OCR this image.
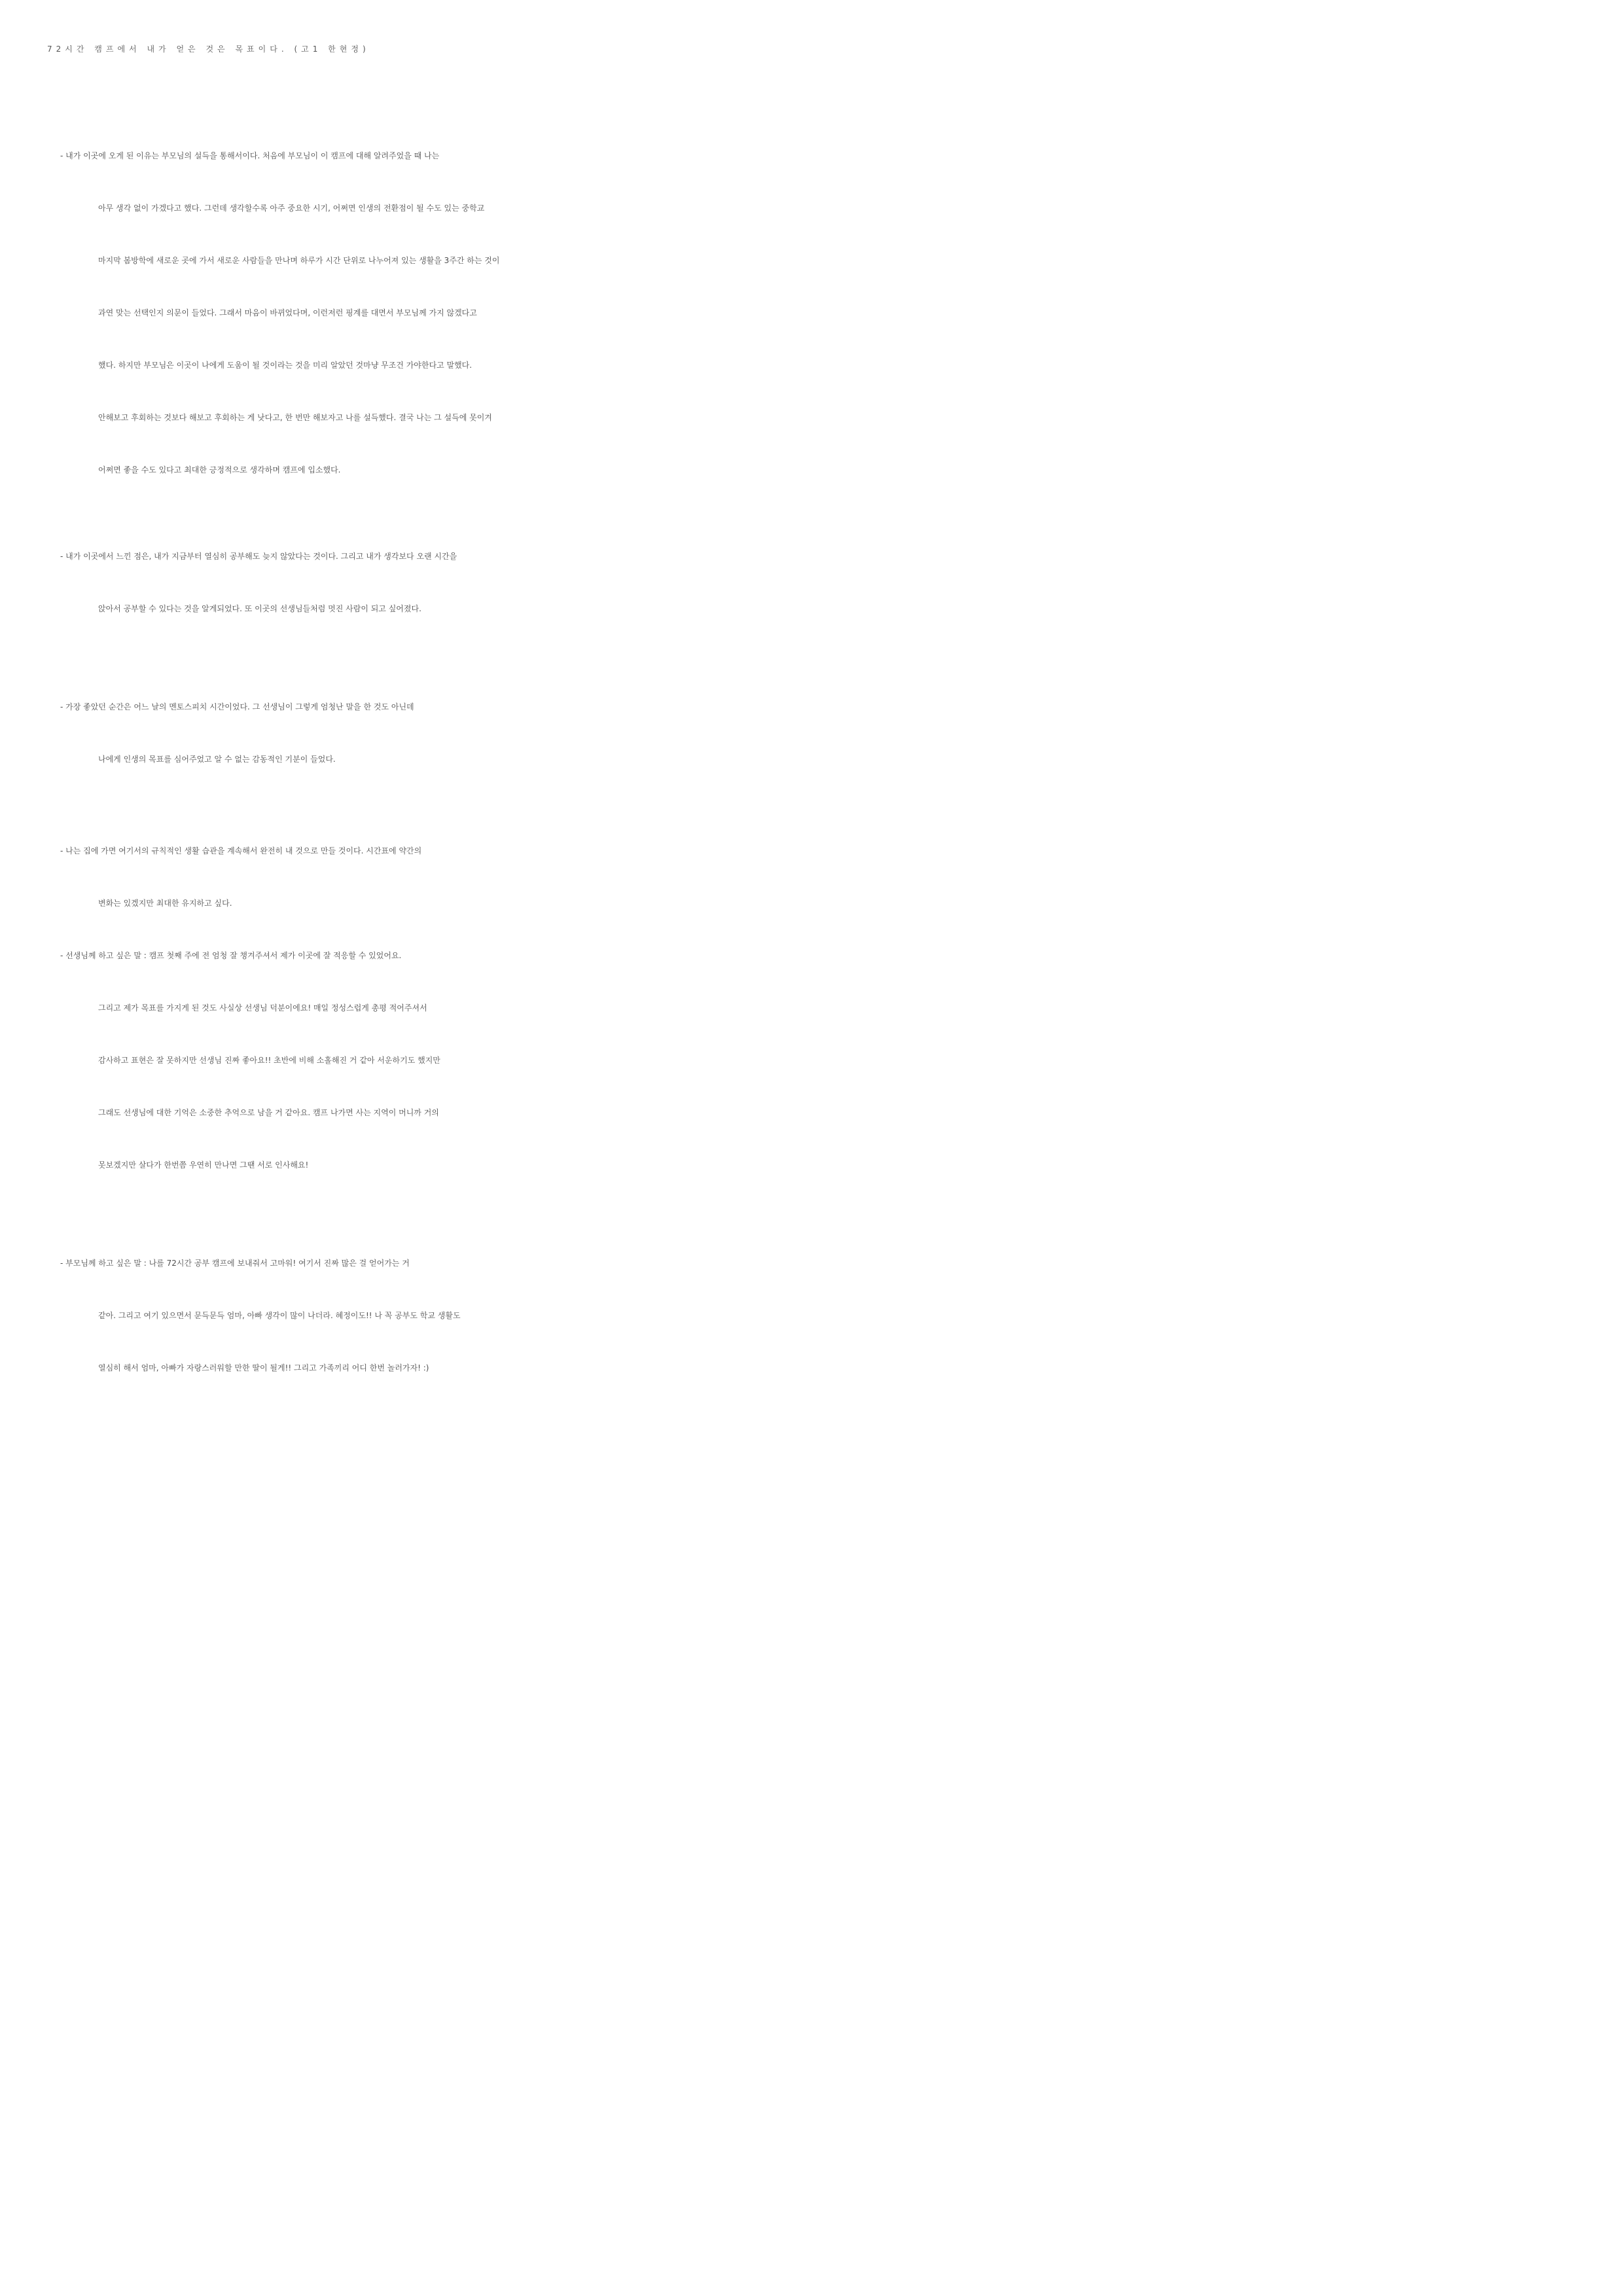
72시간 캠프에서 내가 얻은 것은 목표이다. (고1 한현정)
- 내가 이곳에 오게 된 이유는 부모님의 설득을 통해서이다. 처음에 부모님이 이 캠프에 대해 알려주었을 때 나는
아무 생각 없이 가겠다고 했다. 그런데 생각할수록 아주 중요한 시기, 어쩌면 인생의 전환점이 될 수도 있는 중학교
마지막 봄방학에 새로운 곳에 가서 새로운 사람들을 만나며 하루가 시간 단위로 나누어져 있는 생활을 3주간 하는 것이
과연 맞는 선택인지 의문이 들었다. 그래서 마음이 바뀌었다며, 이런저런 핑계를 대면서 부모님께 가지 않겠다고
했다. 하지만 부모님은 이곳이 나에게 도움이 될 것이라는 것을 미리 알았던 것마냥 무조건 가야한다고 말했다.
안해보고 후회하는 것보다 해보고 후회하는 게 낫다고, 한 번만 해보자고 나를 설득했다. 결국 나는 그 설득에 못이겨
어쩌면 좋을 수도 있다고 최대한 긍정적으로 생각하며 캠프에 입소했다.
- 내가 이곳에서 느낀 점은, 내가 지금부터 열심히 공부해도 늦지 않았다는 것이다. 그리고 내가 생각보다 오랜 시간을
앉아서 공부할 수 있다는 것을 알게되었다. 또 이곳의 선생님들처럼 멋진 사람이 되고 싶어졌다.
- 가장 좋았던 순간은 어느 날의 멘토스피치 시간이었다. 그 선생님이 그렇게 엄청난 말을 한 것도 아닌데
나에게 인생의 목표를 심어주었고 알 수 없는 감동적인 기분이 들었다.
- 나는 집에 가면 여기서의 규칙적인 생활 습관을 계속해서 완전히 내 것으로 만들 것이다. 시간표에 약간의
변화는 있겠지만 최대한 유지하고 싶다.
- 선생님께 하고 싶은 말 : 캠프 첫째 주에 전 엄청 잘 챙겨주셔서 제가 이곳에 잘 적응할 수 있었어요.
그리고 제가 목표를 가지게 된 것도 사실상 선생님 덕분이에요! 매일 정성스럽게 총평 적어주셔서
감사하고 표현은 잘 못하지만 선생님 진짜 좋아요!! 초반에 비해 소홀해진 거 같아 서운하기도 했지만
그래도 선생님에 대한 기억은 소중한 추억으로 남을 거 같아요. 캠프 나가면 사는 지역이 머니까 거의
못보겠지만 살다가 한번쯤 우연히 만나면 그땐 서로 인사해요!
- 부모님께 하고 싶은 말 : 나를 72시간 공부 캠프에 보내줘서 고마워! 여기서 진짜 많은 걸 얻어가는 거
같아. 그리고 여기 있으면서 문득문득 엄마, 아빠 생각이 많이 나더라. 혜정이도!! 나 꼭 공부도 학교 생활도
열심히 해서 엄마, 아빠가 자랑스러워할 만한 딸이 될게!! 그리고 가족끼리 어디 한번 놀러가자! :)
